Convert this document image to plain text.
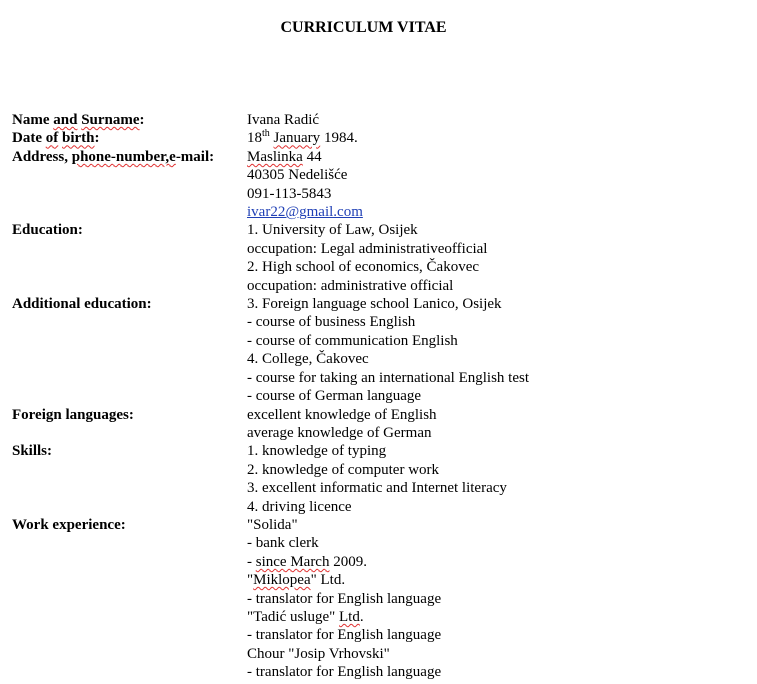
CURRICULUM VITAE
Name and Surname:	Ivana Radić
Date of birth:	18th January 1984.
Address, phone-number,e-mail:	Maslinka 44
40305 Nedelišće
091-113-5843
ivar22@gmail.com
Education:	1. University of Law, Osijek
occupation: Legal administrativeofficial
2. High school of economics, Čakovec
occupation: administrative official
Additional education:	3. Foreign language school Lanico, Osijek
- course of business English
- course of communication English
4. College, Čakovec
- course for taking an international English test
- course of German language
Foreign languages:	excellent knowledge of English
average knowledge of German
Skills:	1. knowledge of typing
2. knowledge of computer work
3. excellent informatic and Internet literacy
4. driving licence
Work experience:	"Solida"
- bank clerk
- since March 2009.
"Miklopea" Ltd.
- translator for English language
"Tadić usluge" Ltd.
- translator for English language
Chour "Josip Vrhovski"
- translator for English language
